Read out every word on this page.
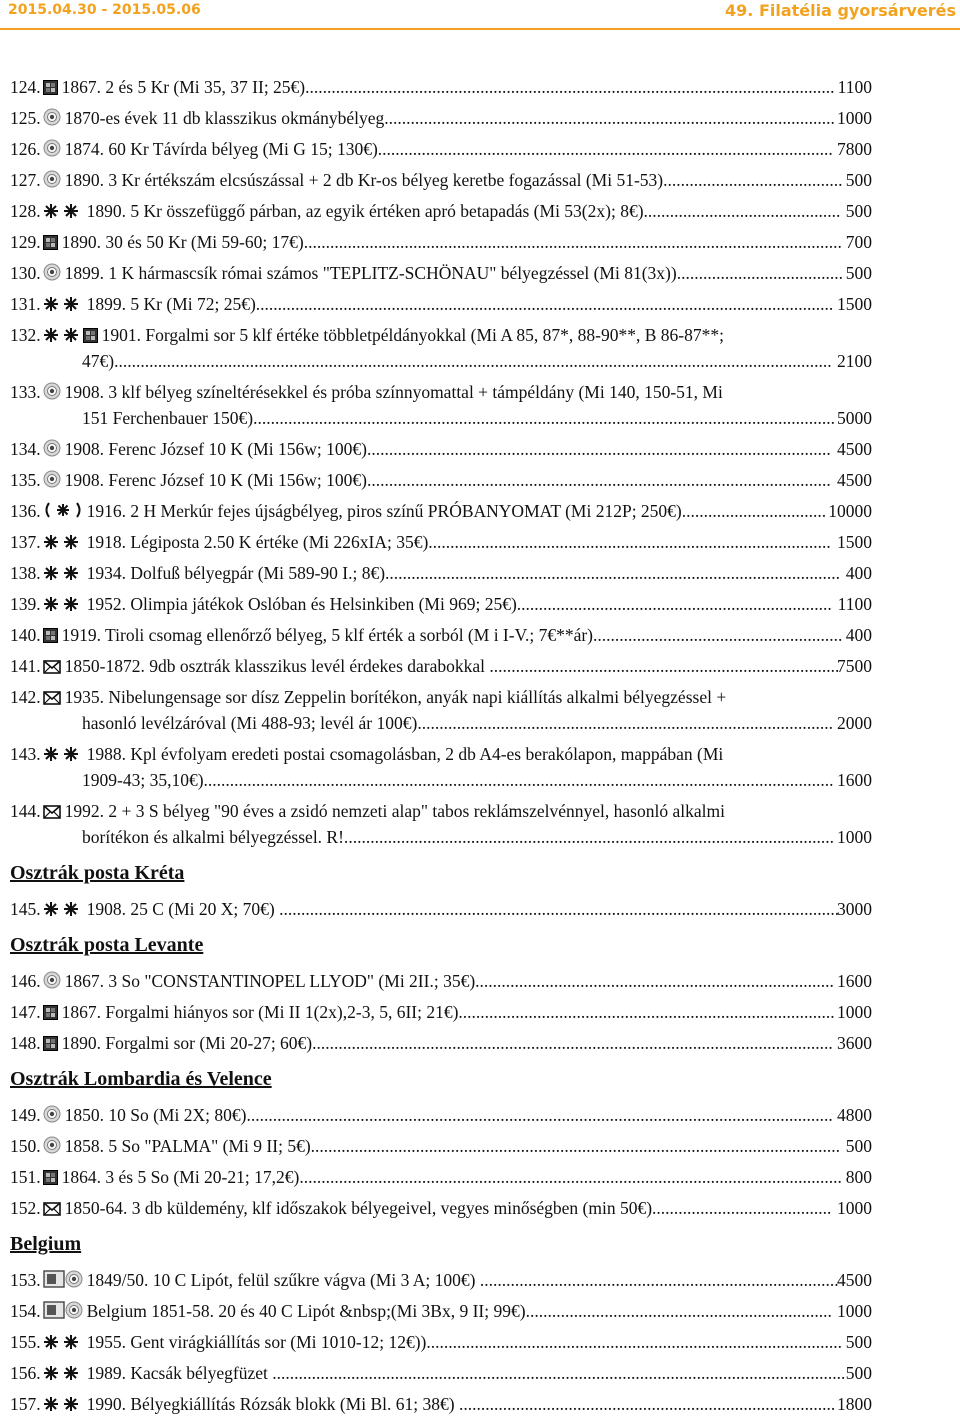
2015.04.30 - 2015.05.06	49. Filatélia gyorsárverés
124. 1867. 2 és 5 Kr (Mi 35, 37 II; 25€)......................................................................................................................... 1100
125. 1870-es évek 11 db klasszikus okmánybélyeg....................................................................................................... 1000
126. 1874. 60 Kr Távírda bélyeg (Mi G 15; 130€)........................................................................................................ 7800
127. 1890. 3 Kr értékszám elcsúszással + 2 db Kr-os bélyeg keretbe fogazással (Mi 51-53)......................................... 500
128.	1890. 5 Kr összefüggő párban, az egyik értéken apró betapadás (Mi 53(2x); 8€)............................................. 500
129. 1890. 30 és 50 Kr (Mi 59-60; 17€)........................................................................................................................... 700
130. 1899. 1 K hármascsík római számos "TEPLITZ-SCHÖNAU" bélyegzéssel (Mi 81(3x))...................................... 500
131.	1899. 5 Kr (Mi 72; 25€).................................................................................................................................... 1500
132.	1901. Forgalmi sor 5 klf értéke többletpéldányokkal (Mi A 85, 87*, 88-90**, B 86-87**;
47€).................................................................................................................................................................... 2100
133. 1908. 3 klf bélyeg színeltérésekkel és próba színnyomattal + támpéldány (Mi 140, 150-51, Mi
151 Ferchenbauer 150€)..................................................................................................................................... 5000
134. 1908. Ferenc József 10 K (Mi 156w; 100€).......................................................................................................... 4500
135. 1908. Ferenc József 10 K (Mi 156w; 100€).......................................................................................................... 4500
136.	1916. 2 H Merkúr fejes újságbélyeg, piros színű PRÓBANYOMAT (Mi 212P; 250€)................................. 10000
137.	1918. Légiposta 2.50 K értéke (Mi 226xIA; 35€)............................................................................................ 1500
138.	1934. Dolfuß bélyegpár (Mi 589-90 I.; 8€)........................................................................................................ 400
139.	1952. Olimpia játékok Oslóban és Helsinkiben (Mi 969; 25€)........................................................................ 1100
140. 1919. Tiroli csomag ellenőrző bélyeg, 5 klf érték a sorból (M i I-V.; 7€**ár)......................................................... 400
141. 1850-1872. 9db osztrák klasszikus levél érdekes darabokkal ................................................................................
7500
142. 1935. Nibelungensage sor dísz Zeppelin borítékon, anyák napi kiállítás alkalmi bélyegzéssel +
hasonló levélzáróval (Mi 488-93; levél ár 100€)............................................................................................... 2000
143.	1988. Kpl évfolyam eredeti postai csomagolásban, 2 db A4-es berakólapon, mappában (Mi
1909-43; 35,10€)................................................................................................................................................ 1600
144. 1992. 2 + 3 S bélyeg "90 éves a zsidó nemzeti alap" tabos reklámszelvénnyel, hasonló alkalmi
borítékon és alkalmi bélyegzéssel. R!................................................................................................................ 1000
Osztrák posta Kréta
145.	1908. 25 C (Mi 20 X; 70€) ................................................................................................................................
3000
Osztrák posta Levante
146. 1867. 3 So "CONSTANTINOPEL LLYOD" (Mi 2II.; 35€).................................................................................. 1600
147. 1867. Forgalmi hiányos sor (Mi II 1(2x),2-3, 5, 6II; 21€)...................................................................................... 1000
148. 1890. Forgalmi sor (Mi 20-27; 60€)....................................................................................................................... 3600
Osztrák Lombardia és Velence
149. 1850. 10 So (Mi 2X; 80€)...................................................................................................................................... 4800
150. 1858. 5 So "PALMA" (Mi 9 II; 5€)......................................................................................................................... 500
151. 1864. 3 és 5 So (Mi 20-21; 17,2€)............................................................................................................................ 800
152. 1850-64. 3 db küldemény, klf időszakok bélyegeivel, vegyes minőségben (min 50€)......................................... 1000
Belgium
153.	1849/50. 10 C Lipót, felül szűkre vágva (Mi 3 A; 100€) ..................................................................................
4500
154.	Belgium 1851-58. 20 és 40 C Lipót &nbsp;(Mi 3Bx, 9 II; 99€)...................................................................... 1000
155.	1955. Gent virágkiállítás sor (Mi 1010-12; 12€))............................................................................................... 500
156.	1989. Kacsák bélyegfüzet ................................................................................................................................... 500
157.	1990. Bélyegkiállítás Rózsák blokk (Mi Bl. 61; 38€) ...................................................................................... 1800
